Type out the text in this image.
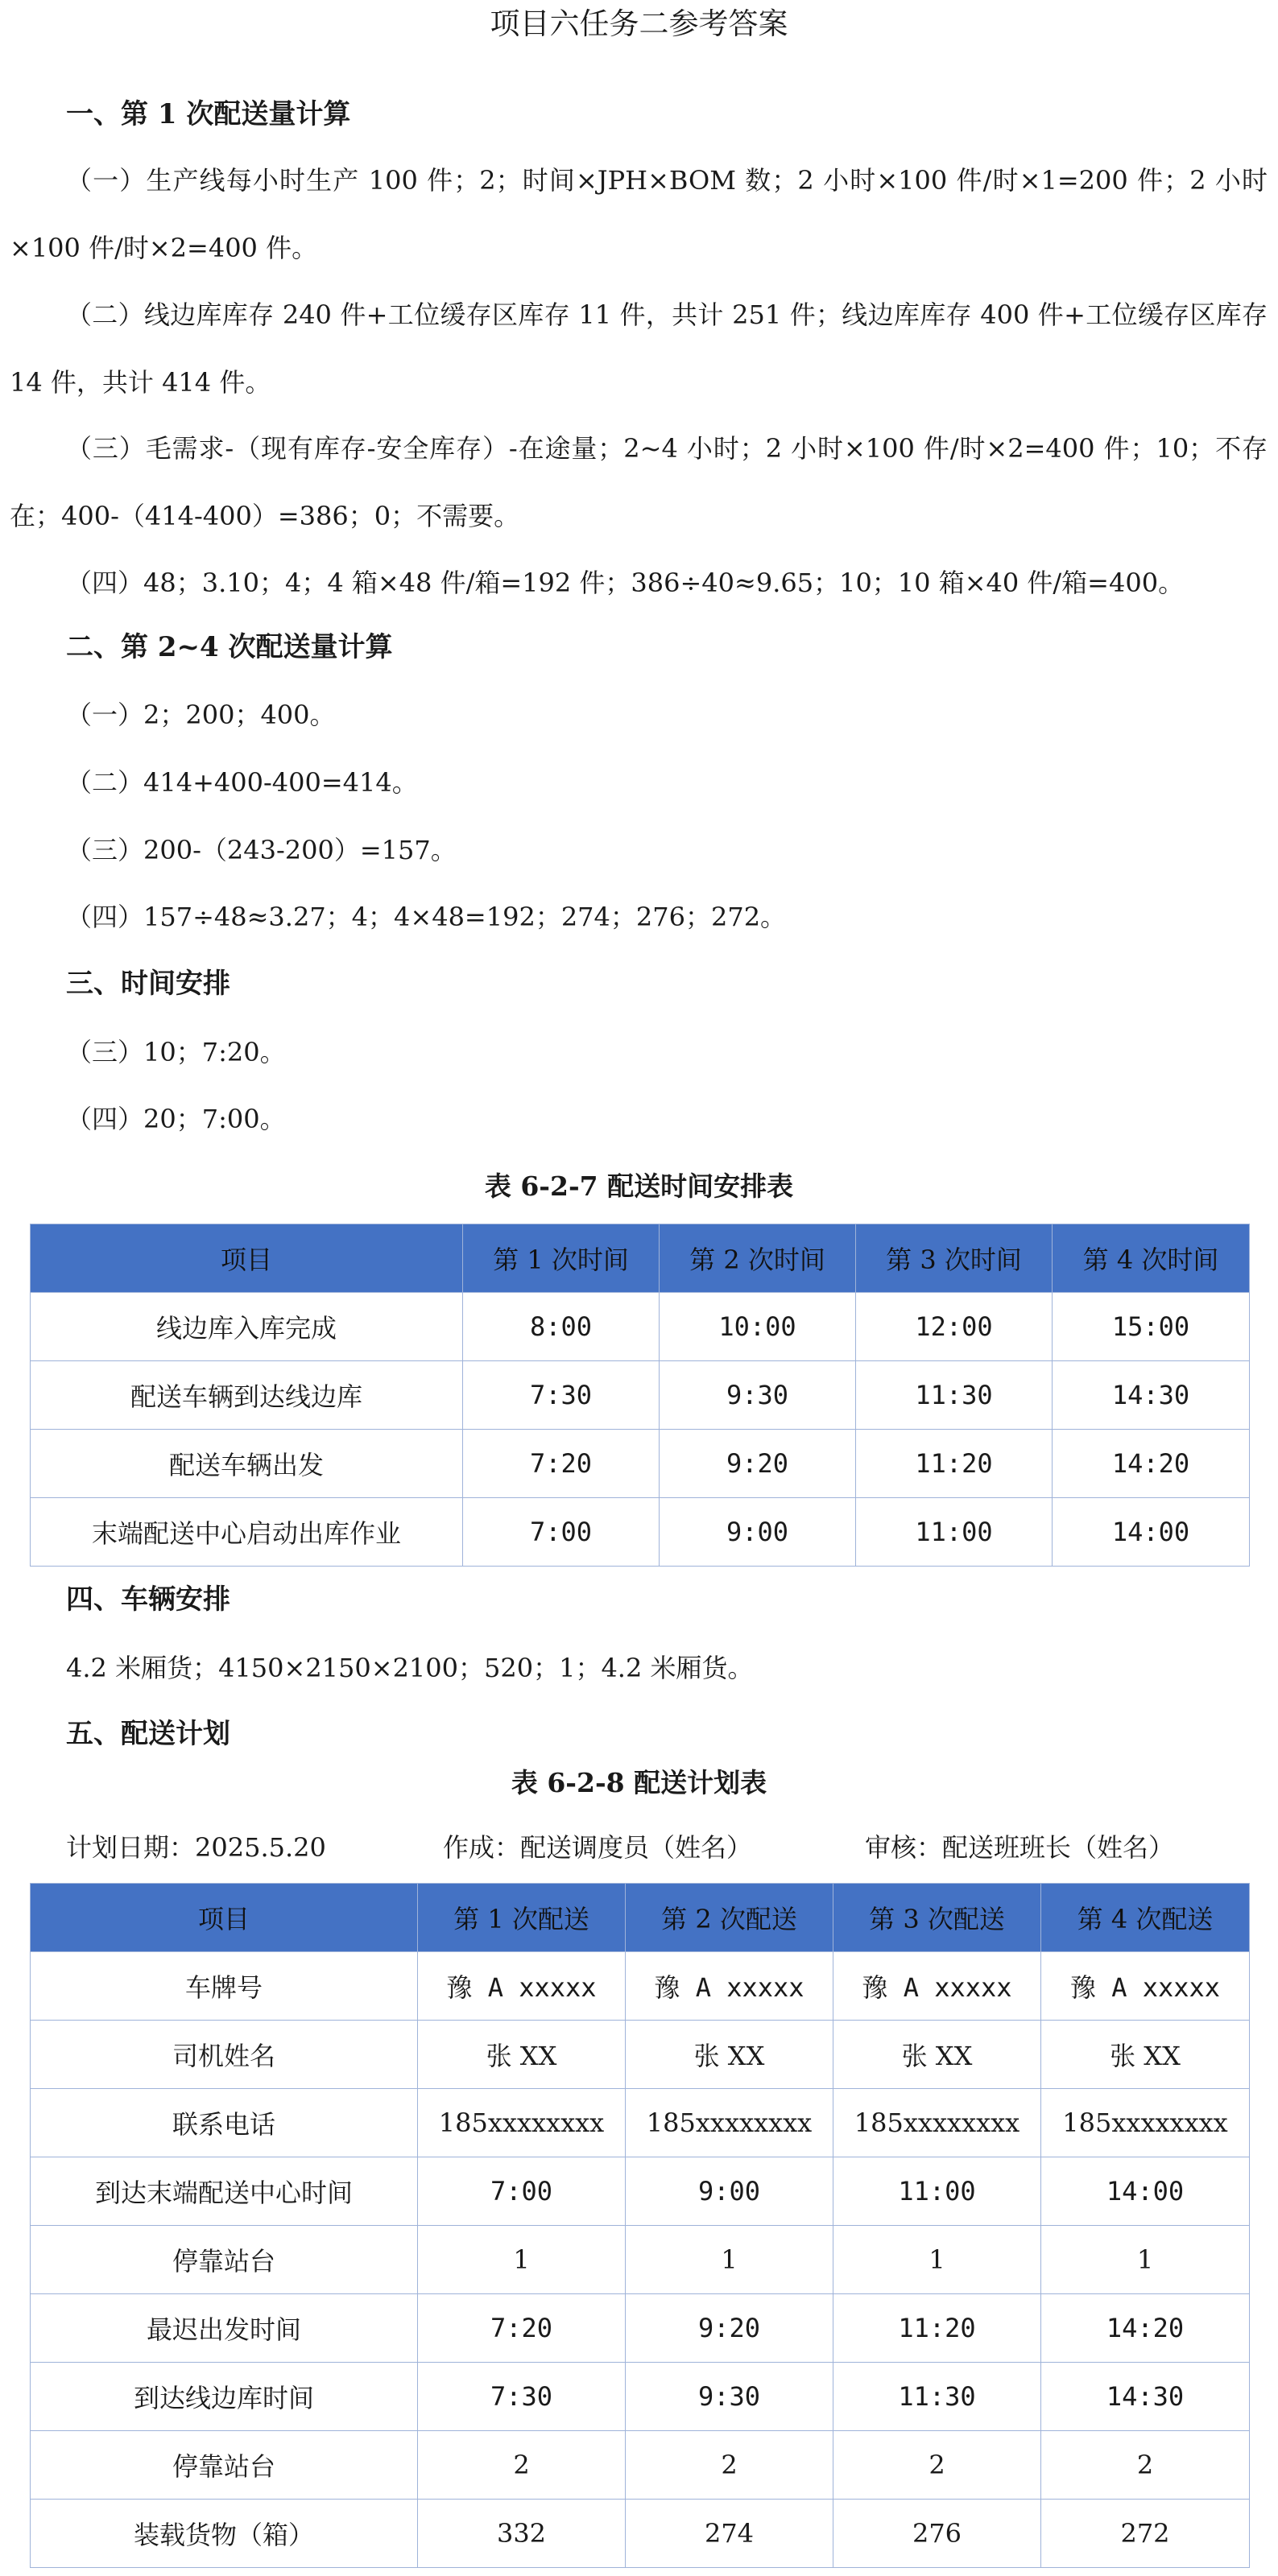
项目六任务二参考答案
一、第 1 次配送量计算

（一）生产线每小时生产 100 件；2；时间×JPH×BOM 数；2 小时×100 件/时×1=200 件；2 小时×100 件/时×2=400 件。

（二）线边库库存 240 件+工位缓存区库存 11 件，共计 251 件；线边库库存 400 件+工位缓存区库存 14 件，共计 414 件。

（三）毛需求-（现有库存-安全库存）-在途量；2~4 小时；2 小时×100 件/时×2=400 件；10；不存在；400-（414-400）=386；0；不需要。

（四）48；3.10；4；4 箱×48 件/箱=192 件；386÷40≈9.65；10；10 箱×40 件/箱=400。

二、第 2~4 次配送量计算

（一）2；200；400。

（二）414+400-400=414。

（三）200-（243-200）=157。

（四）157÷48≈3.27；4；4×48=192；274；276；272。

三、时间安排

（三）10；7:20。

（四）20；7:00。

表 6-2-7 配送时间安排表

项目	第 1 次时间	第 2 次时间	第 3 次时间	第 4 次时间
线边库入库完成	8:00	10:00	12:00	15:00
配送车辆到达线边库	7:30	9:30	11:30	14:30
配送车辆出发	7:20	9:20	11:20	14:20
末端配送中心启动出库作业	7:00	9:00	11:00	14:00
四、车辆安排

4.2 米厢货；4150×2150×2100；520；1；4.2 米厢货。

五、配送计划

表 6-2-8 配送计划表

计划日期：2025.5.20	作成：配送调度员（姓名）	审核：配送班班长（姓名）
项目	第 1 次配送	第 2 次配送	第 3 次配送	第 4 次配送
车牌号	豫 A xxxxx	豫 A xxxxx	豫 A xxxxx	豫 A xxxxx
司机姓名	张 XX	张 XX	张 XX	张 XX
联系电话	185xxxxxxxx	185xxxxxxxx	185xxxxxxxx	185xxxxxxxx
到达末端配送中心时间	7:00	9:00	11:00	14:00
停靠站台	1	1	1	1
最迟出发时间	7:20	9:20	11:20	14:20
到达线边库时间	7:30	9:30	11:30	14:30
停靠站台	2	2	2	2
装载货物（箱）	332	274	276	272
